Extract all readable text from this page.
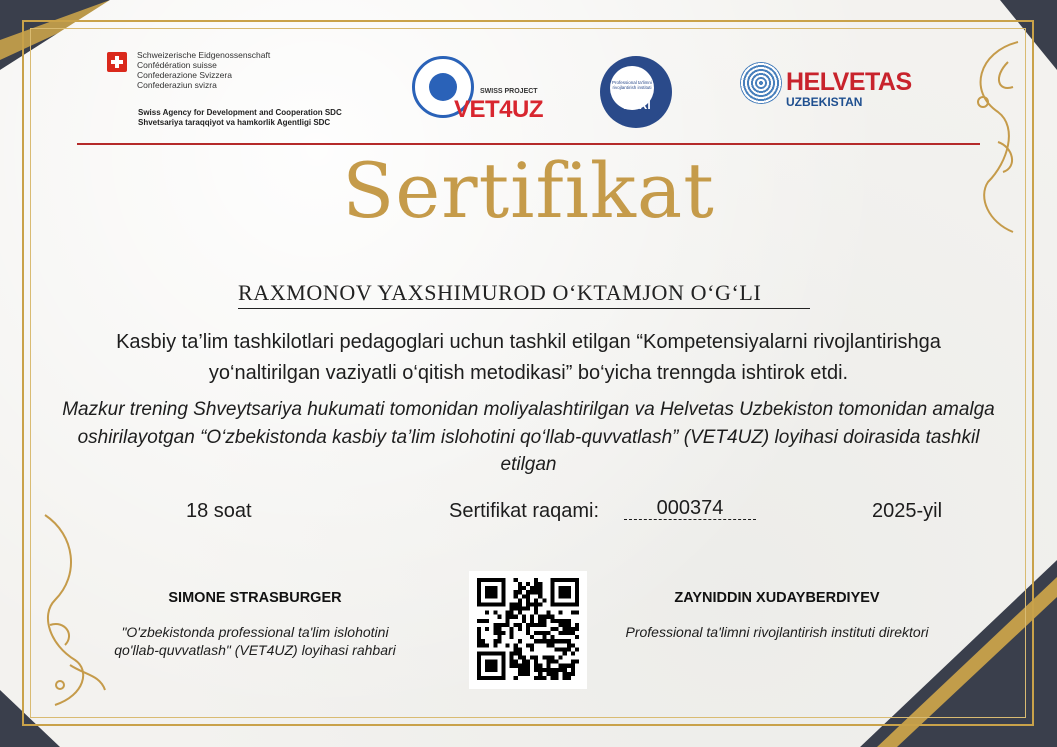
Schweizerische Eidgenossenschaft
Confédération suisse
Confederazione Svizzera
Confederaziun svizra
Swiss Agency for Development and Cooperation SDC
Shvetsariya taraqqiyot va hamkorlik Agentligi SDC
SWISS PROJECT
VET4UZ
Professional ta'limni rivojlantirish instituti
PTRI
HELVETAS
UZBEKISTAN
Sertifikat
RAXMONOV YAXSHIMUROD O‘KTAMJON O‘G‘LI
Kasbiy ta’lim tashkilotlari pedagoglari uchun tashkil etilgan “Kompetensiyalarni rivojlantirishga yo‘naltirilgan vaziyatli o‘qitish metodikasi” bo‘yicha trenngda ishtirok etdi.
Mazkur trening Shveytsariya hukumati tomonidan moliyalashtirilgan va Helvetas Uzbekiston tomonidan amalga oshirilayotgan “O‘zbekistonda kasbiy ta’lim islohotini qo‘llab-quvvatlash” (VET4UZ) loyihasi doirasida tashkil etilgan
18 soat	Sertifikat raqami:	000374	2025-yil
SIMONE STRASBURGER
"O'zbekistonda professional ta'lim islohotini qo'llab-quvvatlash" (VET4UZ) loyihasi rahbari
ZAYNIDDIN XUDAYBERDIYEV
Professional ta'limni rivojlantirish instituti direktori
